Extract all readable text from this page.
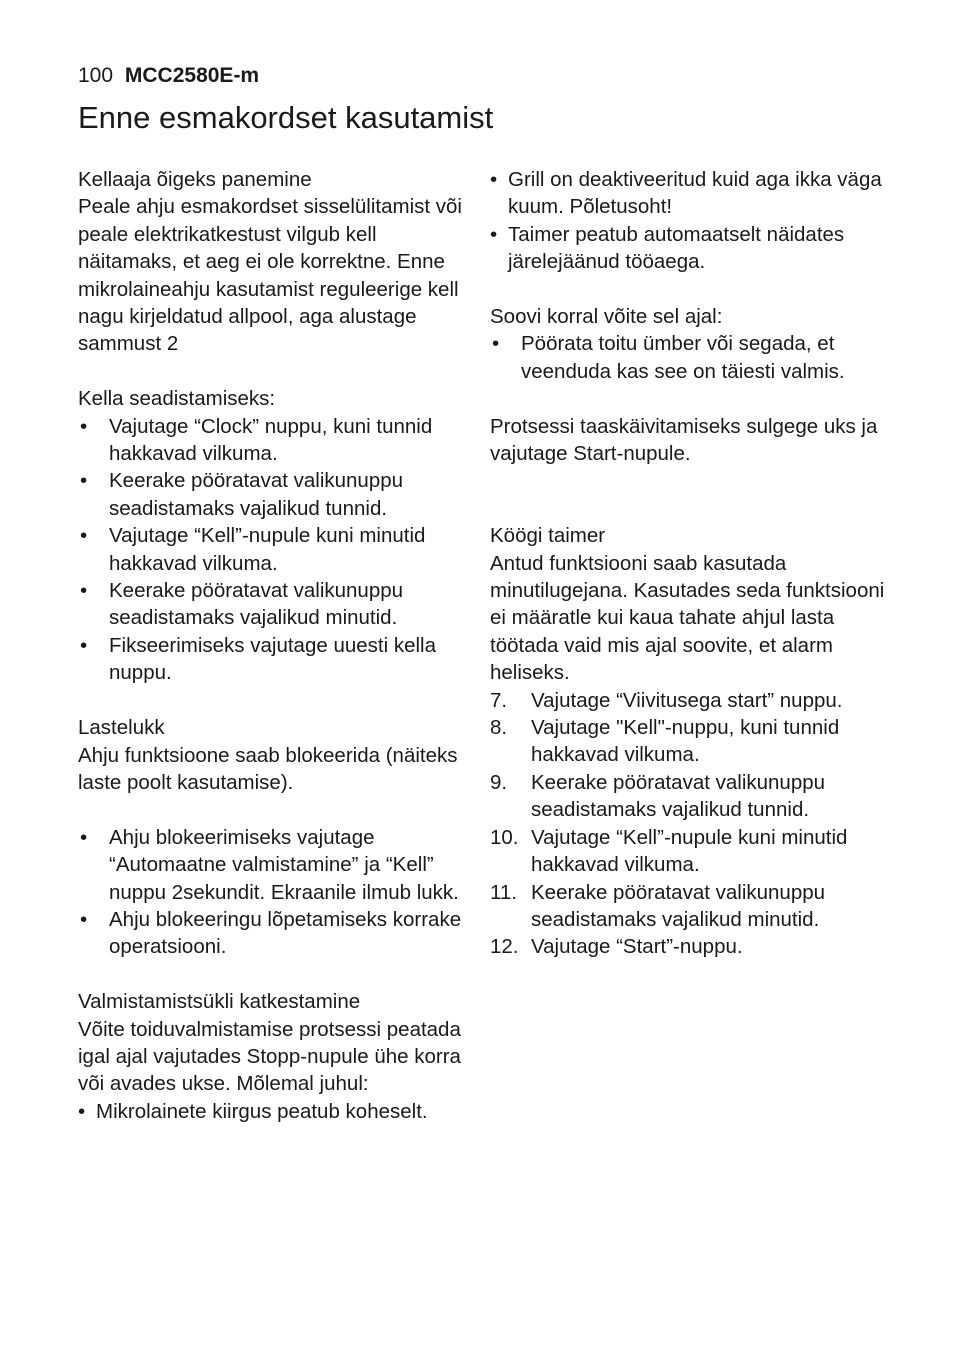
100 MCC2580E-m
Enne esmakordset kasutamist

Kellaaja õigeks panemine

Peale ahju esmakordset sisselülitamist või peale elektrikatkestust vilgub kell näitamaks, et aeg ei ole korrektne. Enne mikrolaineahju kasutamist reguleerige kell nagu kirjeldatud allpool, aga alustage sammust 2

Kella seadistamiseks:

• Vajutage “Clock” nuppu, kuni tunnid hakkavad vilkuma.
• Keerake pööratavat valikunuppu seadistamaks vajalikud tunnid.
• Vajutage “Kell”-nupule kuni minutid hakkavad vilkuma.
• Keerake pööratavat valikunuppu seadistamaks vajalikud minutid.
• Fikseerimiseks vajutage uuesti kella nuppu.

Lastelukk

Ahju funktsioone saab blokeerida (näiteks laste poolt kasutamise).

• Ahju blokeerimiseks vajutage “Automaatne valmistamine” ja “Kell” nuppu 2sekundit. Ekraanile ilmub lukk.
• Ahju blokeeringu lõpetamiseks korrake operatsiooni.

Valmistamistsükli katkestamine

Võite toiduvalmistamise protsessi peatada igal ajal vajutades Stopp-nupule ühe korra või avades ukse. Mõlemal juhul:

• Mikrolainete kiirgus peatub koheselt.
• Grill on deaktiveeritud kuid aga ikka väga kuum. Põletusoht!
• Taimer peatub automaatselt näidates järelejäänud tööaega.

Soovi korral võite sel ajal:

• Pöörata toitu ümber või segada, et veenduda kas see on täiesti valmis.

Protsessi taaskäivitamiseks sulgege uks ja vajutage Start-nupule.

Köögi taimer

Antud funktsiooni saab kasutada minutilugejana. Kasutades seda funktsiooni ei määratle kui kaua tahate ahjul lasta töötada vaid mis ajal soovite, et alarm heliseks.

7. Vajutage “Viivitusega start” nuppu.
8. Vajutage "Kell"-nuppu, kuni tunnid hakkavad vilkuma.
9. Keerake pööratavat valikunuppu seadistamaks vajalikud tunnid.
10. Vajutage “Kell”-nupule kuni minutid hakkavad vilkuma.
11. Keerake pööratavat valikunuppu seadistamaks vajalikud minutid.
12. Vajutage “Start”-nuppu.
